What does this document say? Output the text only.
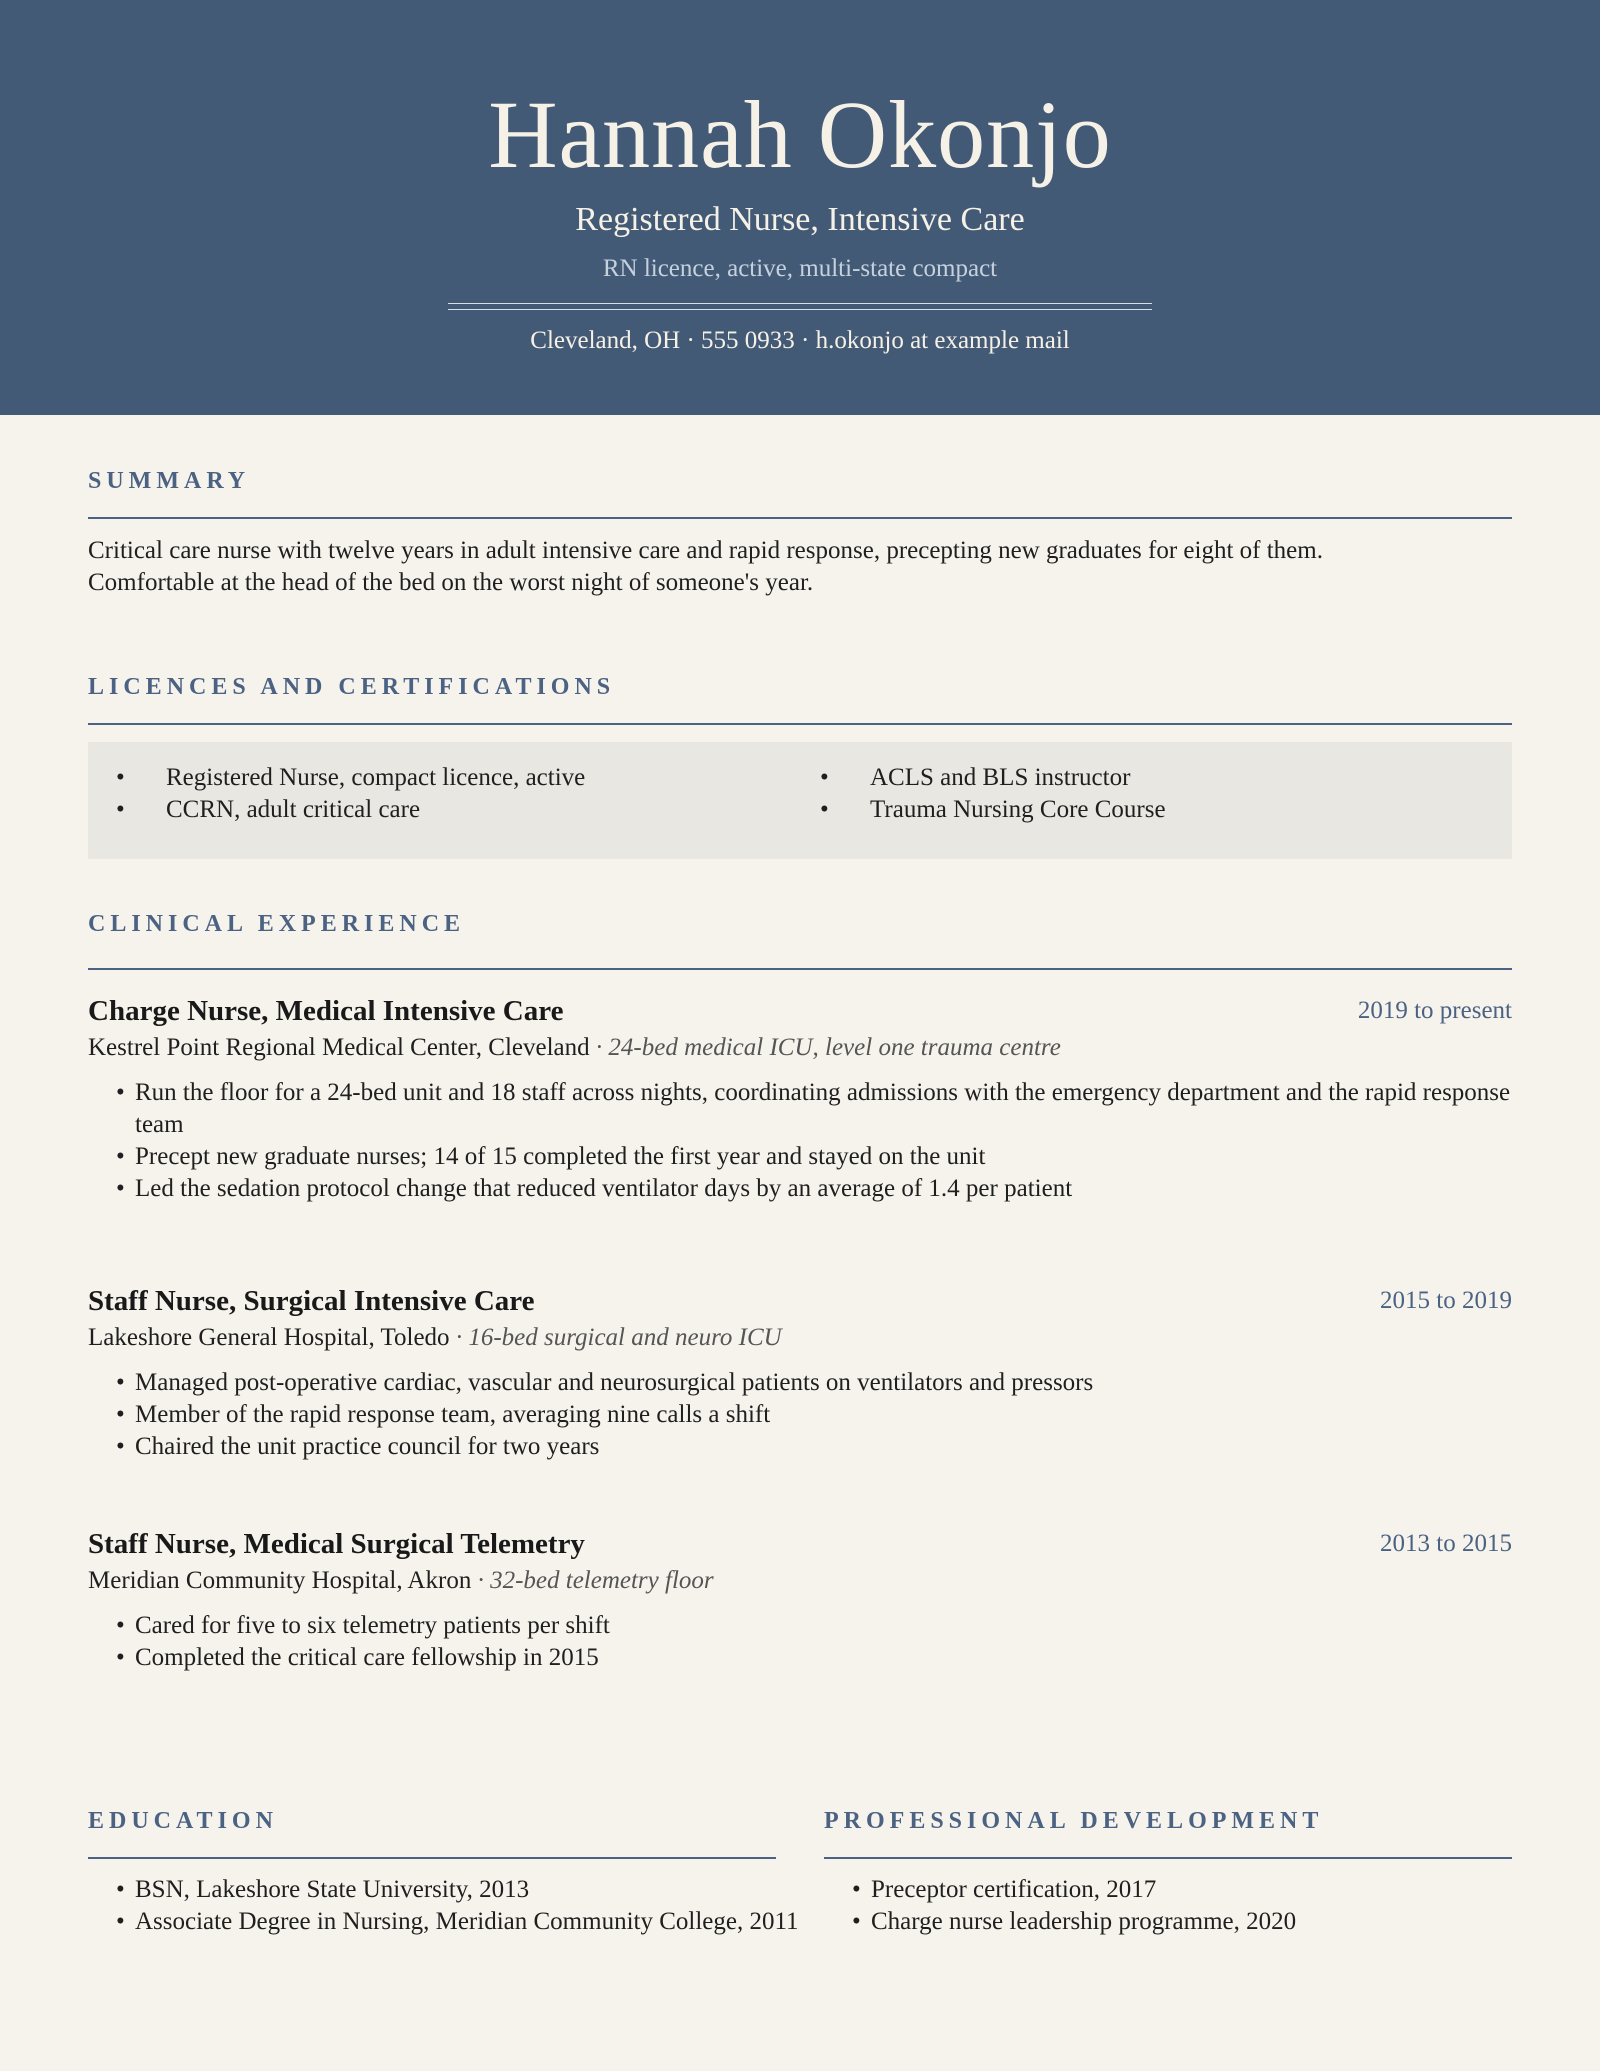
Hannah Okonjo
Registered Nurse, Intensive Care
RN licence, active, multi-state compact
Cleveland, OH · 555 0933 · h.okonjo at example mail
SUMMARY
Critical care nurse with twelve years in adult intensive care and rapid response, precepting new graduates for eight of them.
Comfortable at the head of the bed on the worst night of someone's year.
LICENCES AND CERTIFICATIONS
• Registered Nurse, compact licence, active
• CCRN, adult critical care
• ACLS and BLS instructor
• Trauma Nursing Core Course
CLINICAL EXPERIENCE
Charge Nurse, Medical Intensive Care	2019 to present
Kestrel Point Regional Medical Center, Cleveland · 24-bed medical ICU, level one trauma centre
• Run the floor for a 24-bed unit and 18 staff across nights, coordinating admissions with the emergency department and the rapid response team
• Precept new graduate nurses; 14 of 15 completed the first year and stayed on the unit
• Led the sedation protocol change that reduced ventilator days by an average of 1.4 per patient
Staff Nurse, Surgical Intensive Care	2015 to 2019
Lakeshore General Hospital, Toledo · 16-bed surgical and neuro ICU
• Managed post-operative cardiac, vascular and neurosurgical patients on ventilators and pressors
• Member of the rapid response team, averaging nine calls a shift
• Chaired the unit practice council for two years
Staff Nurse, Medical Surgical Telemetry	2013 to 2015
Meridian Community Hospital, Akron · 32-bed telemetry floor
• Cared for five to six telemetry patients per shift
• Completed the critical care fellowship in 2015
EDUCATION
• BSN, Lakeshore State University, 2013
• Associate Degree in Nursing, Meridian Community College, 2011
PROFESSIONAL DEVELOPMENT
• Preceptor certification, 2017
• Charge nurse leadership programme, 2020
